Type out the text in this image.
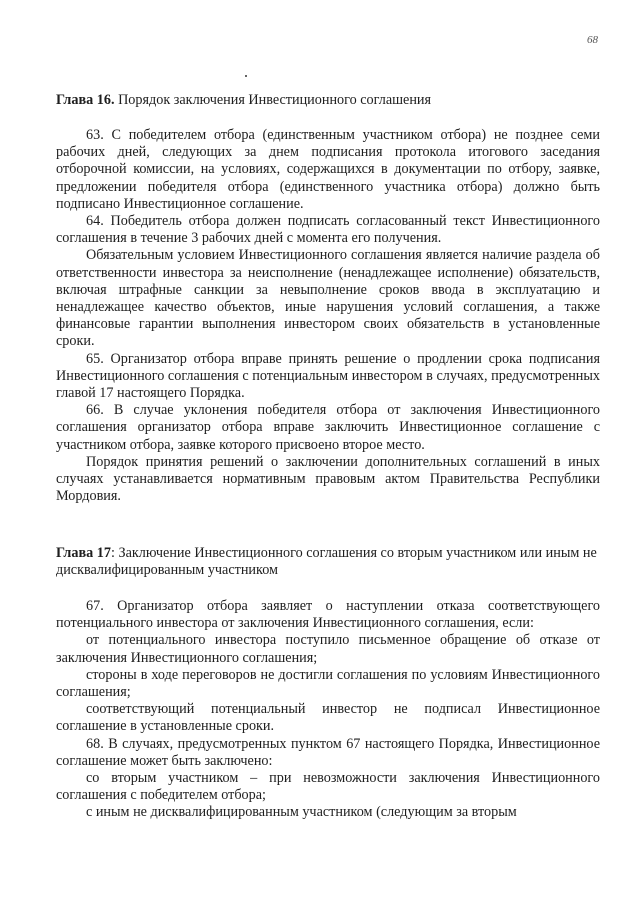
68
Глава 16. Порядок заключения Инвестиционного соглашения

63. С победителем отбора (единственным участником отбора) не позднее семи рабочих дней, следующих за днем подписания протокола итогового заседания отборочной комиссии, на условиях, содержащихся в документации по отбору, заявке, предложении победителя отбора (единственного участника отбора) должно быть подписано Инвестиционное соглашение.

64. Победитель отбора должен подписать согласованный текст Инвестиционного соглашения в течение 3 рабочих дней с момента его получения.

Обязательным условием Инвестиционного соглашения является наличие раздела об ответственности инвестора за неисполнение (ненадлежащее исполнение) обязательств, включая штрафные санкции за невыполнение сроков ввода в эксплуатацию и ненадлежащее качество объектов, иные нарушения условий соглашения, а также финансовые гарантии выполнения инвестором своих обязательств в установленные сроки.

65. Организатор отбора вправе принять решение о продлении срока подписания Инвестиционного соглашения с потенциальным инвестором в случаях, предусмотренных главой 17 настоящего Порядка.

66. В случае уклонения победителя отбора от заключения Инвестиционного соглашения организатор отбора вправе заключить Инвестиционное соглашение с участником отбора, заявке которого присвоено второе место.

Порядок принятия решений о заключении дополнительных соглашений в иных случаях устанавливается нормативным правовым актом Правительства Республики Мордовия.

Глава 17: Заключение Инвестиционного соглашения со вторым участником или иным не дисквалифицированным участником

67. Организатор отбора заявляет о наступлении отказа соответствующего потенциального инвестора от заключения Инвестиционного соглашения, если:

от потенциального инвестора поступило письменное обращение об отказе от заключения Инвестиционного соглашения;

стороны в ходе переговоров не достигли соглашения по условиям Инвестиционного соглашения;

соответствующий потенциальный инвестор не подписал Инвестиционное соглашение в установленные сроки.

68. В случаях, предусмотренных пунктом 67 настоящего Порядка, Инвестиционное соглашение может быть заключено:

со вторым участником – при невозможности заключения Инвестиционного соглашения с победителем отбора;

с иным не дисквалифицированным участником (следующим за вторым
